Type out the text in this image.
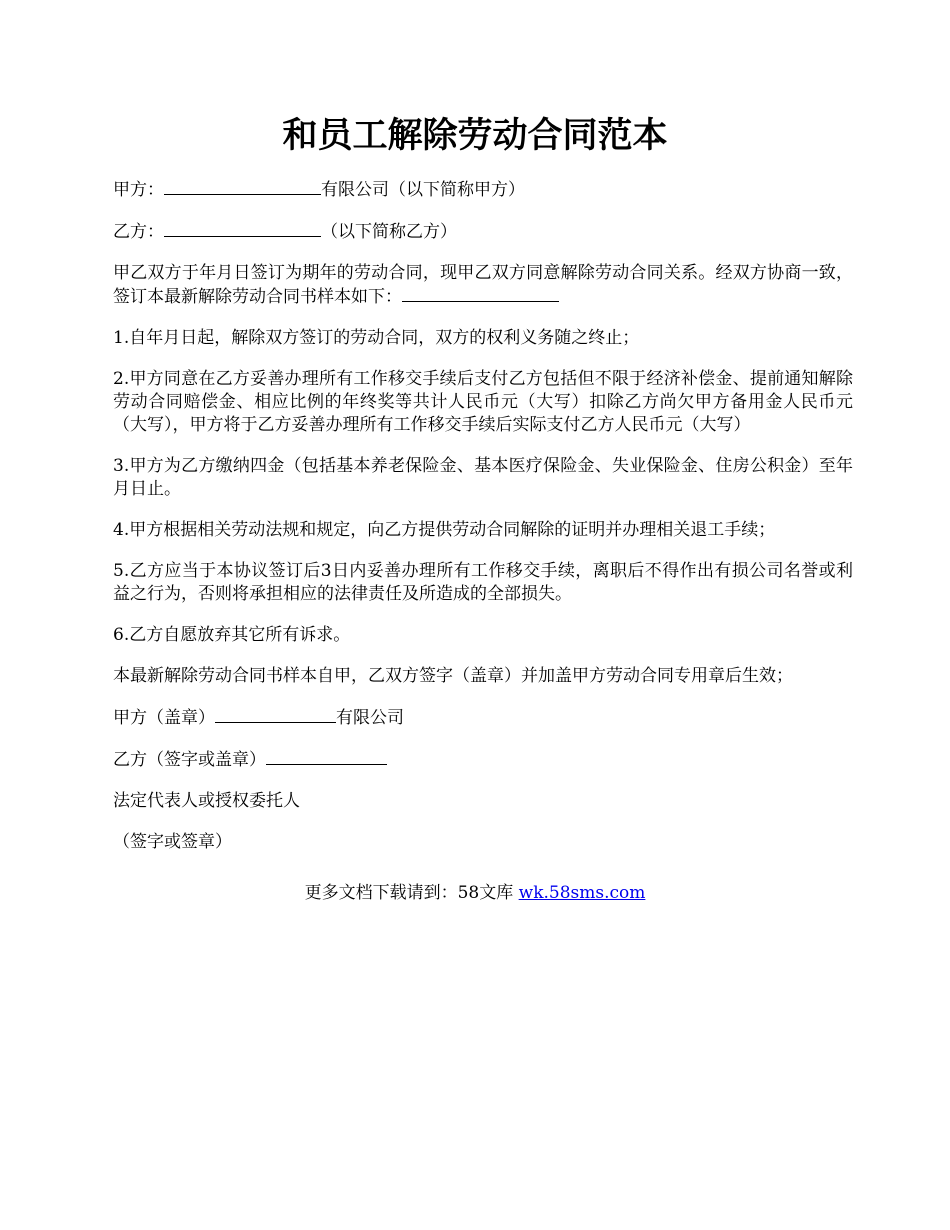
和员工解除劳动合同范本

甲方：	有限公司（以下简称甲方）

乙方：	（以下简称乙方）

甲乙双方于年月日签订为期年的劳动合同，现甲乙双方同意解除劳动合同关系。经双方协商一致，签订本最新解除劳动合同书样本如下：

1.自年月日起，解除双方签订的劳动合同，双方的权利义务随之终止；

2.甲方同意在乙方妥善办理所有工作移交手续后支付乙方包括但不限于经济补偿金、提前通知解除劳动合同赔偿金、相应比例的年终奖等共计人民币元（大写）扣除乙方尚欠甲方备用金人民币元（大写），甲方将于乙方妥善办理所有工作移交手续后实际支付乙方人民币元（大写）

3.甲方为乙方缴纳四金（包括基本养老保险金、基本医疗保险金、失业保险金、住房公积金）至年月日止。

4.甲方根据相关劳动法规和规定，向乙方提供劳动合同解除的证明并办理相关退工手续；

5.乙方应当于本协议签订后3日内妥善办理所有工作移交手续，离职后不得作出有损公司名誉或利益之行为，否则将承担相应的法律责任及所造成的全部损失。

6.乙方自愿放弃其它所有诉求。

本最新解除劳动合同书样本自甲，乙双方签字（盖章）并加盖甲方劳动合同专用章后生效；

甲方（盖章）	有限公司

乙方（签字或盖章）

法定代表人或授权委托人

（签字或签章）

更多文档下载请到：58文库 wk.58sms.com
